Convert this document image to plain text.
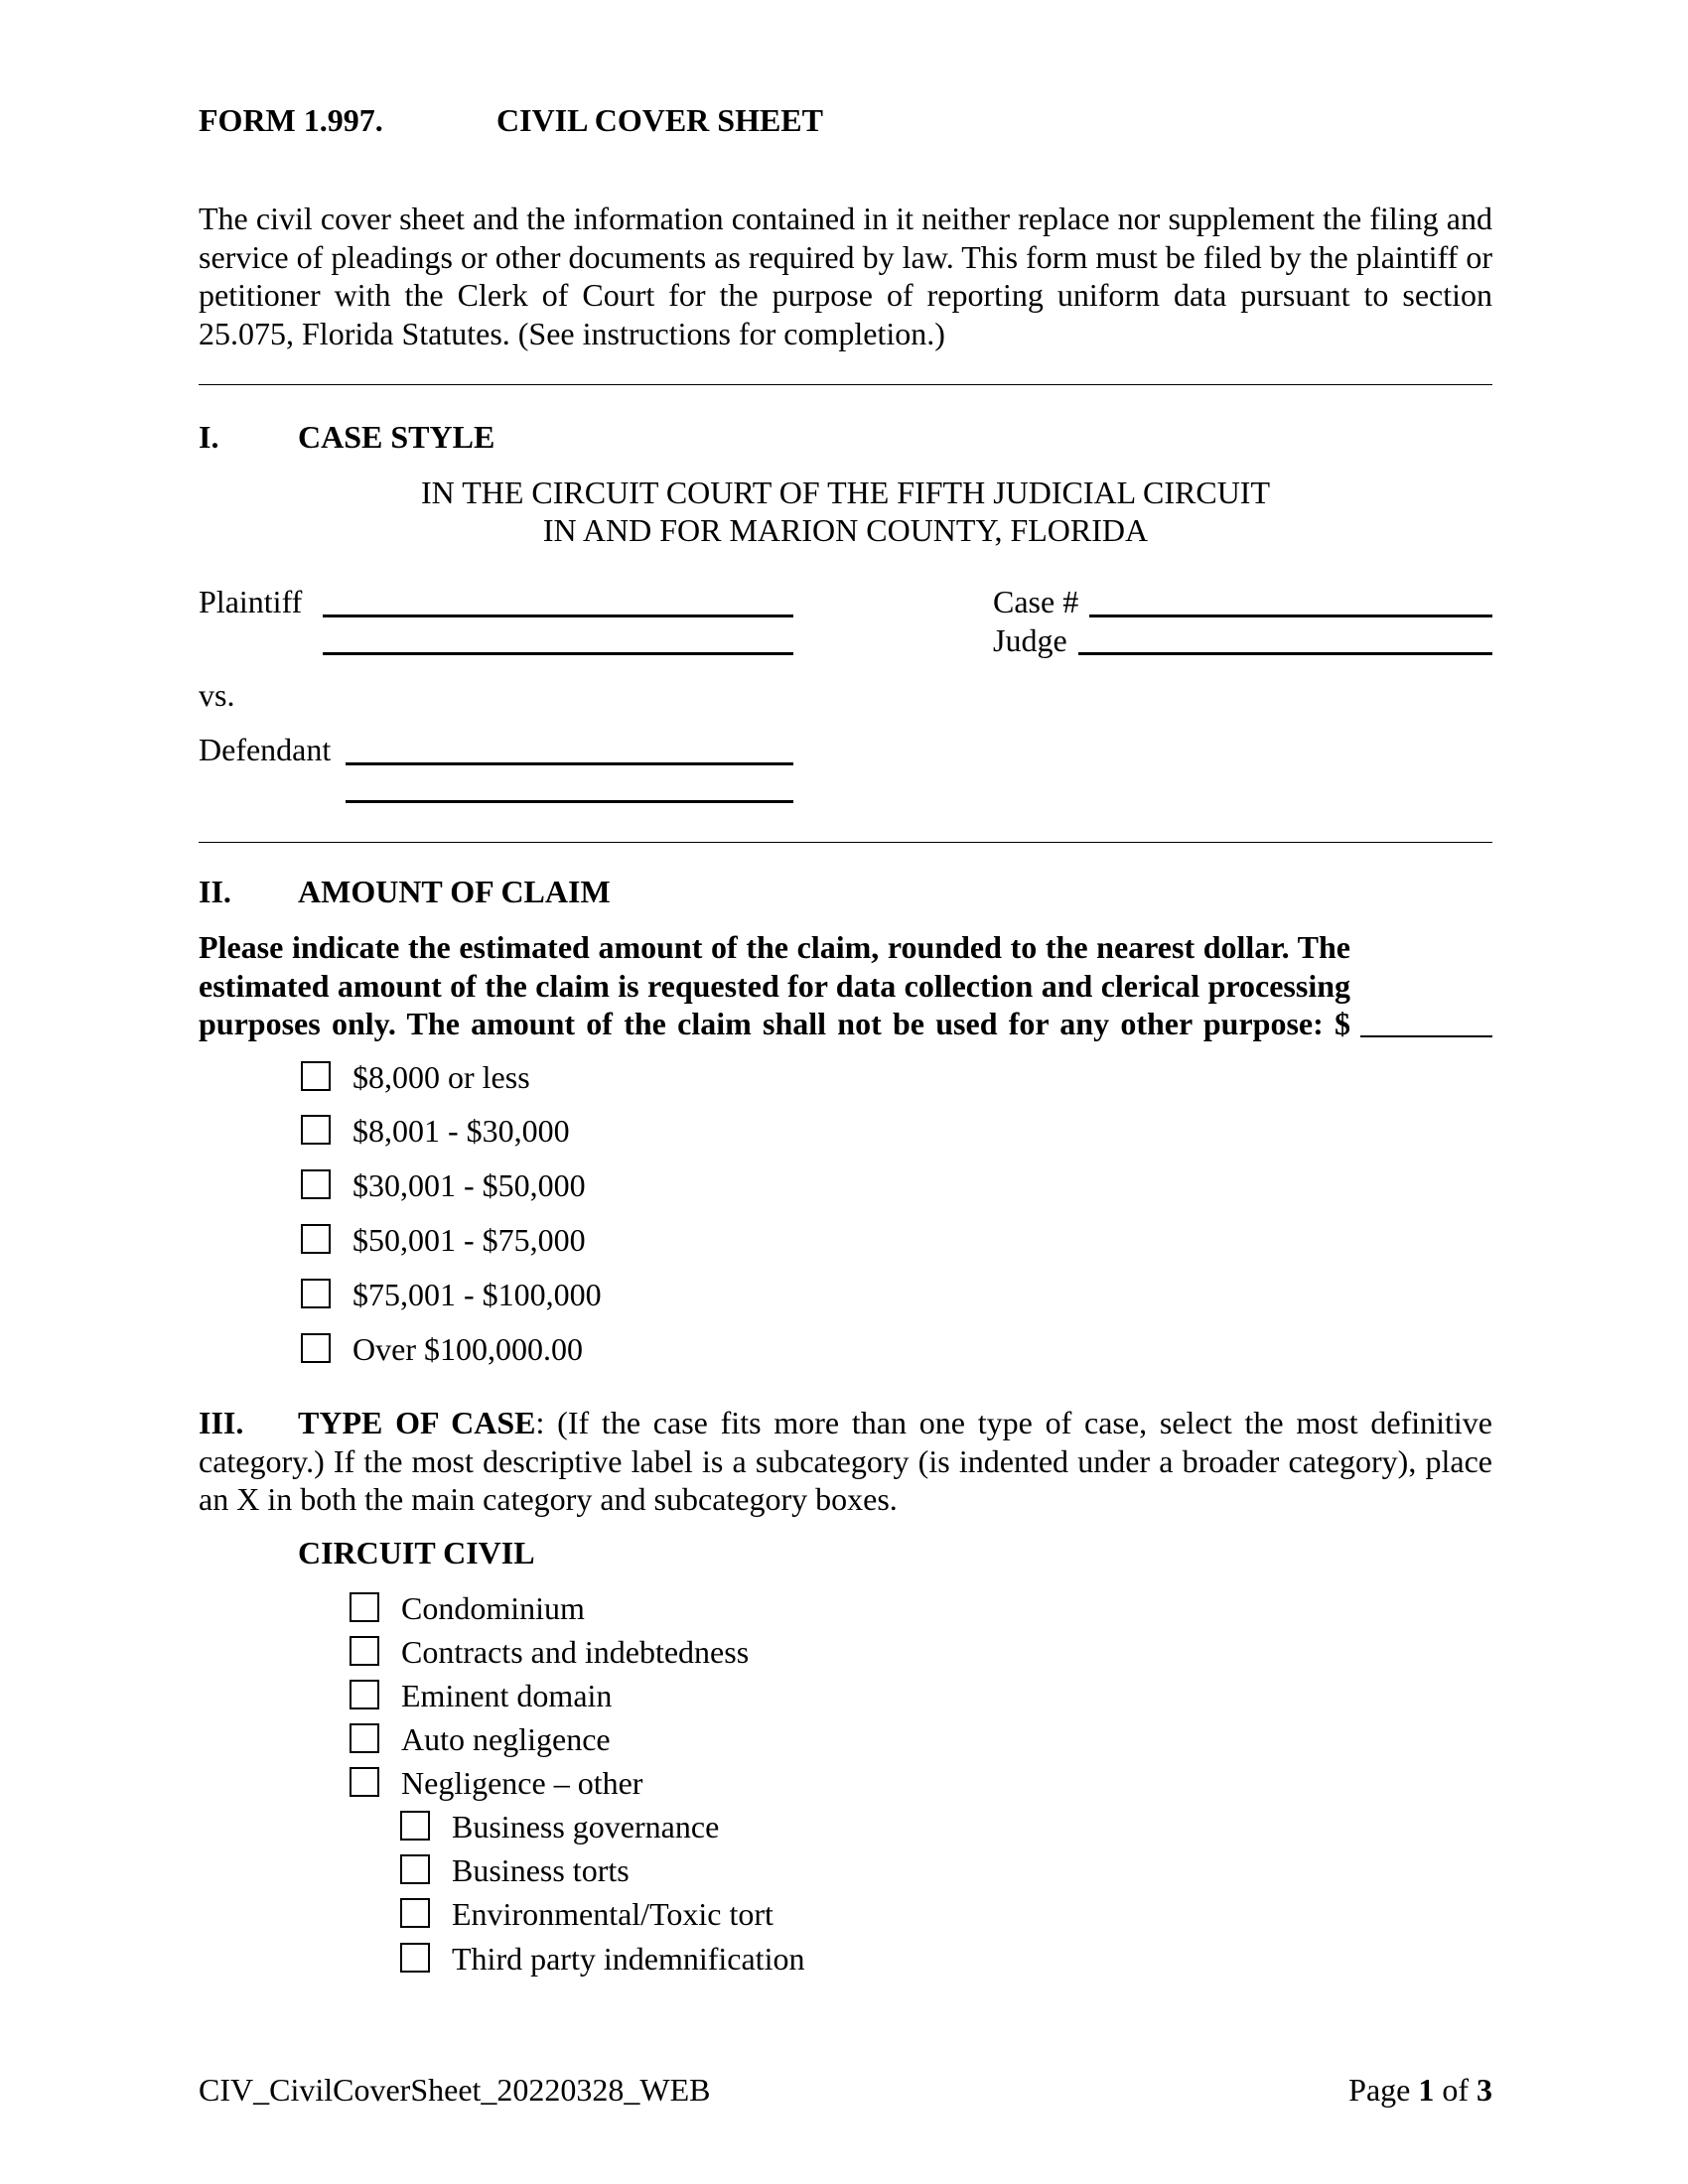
FORM 1.997.	CIVIL COVER SHEET
The civil cover sheet and the information contained in it neither replace nor supplement the filing and service of pleadings or other documents as required by law. This form must be filed by the plaintiff or petitioner with the Clerk of Court for the purpose of reporting uniform data pursuant to section 25.075, Florida Statutes. (See instructions for completion.)
I. CASE STYLE
IN THE CIRCUIT COURT OF THE FIFTH JUDICIAL CIRCUIT
IN AND FOR MARION COUNTY, FLORIDA
Plaintiff	Case #
Judge
vs.
Defendant
II. AMOUNT OF CLAIM
Please indicate the estimated amount of the claim, rounded to the nearest dollar. The estimated amount of the claim is requested for data collection and clerical processing purposes only. The amount of the claim shall not be used for any other purpose: $
$8,000 or less
$8,001 - $30,000
$30,001 - $50,000
$50,001 - $75,000
$75,001 - $100,000
Over $100,000.00
III. TYPE OF CASE: (If the case fits more than one type of case, select the most definitive category.) If the most descriptive label is a subcategory (is indented under a broader category), place an X in both the main category and subcategory boxes.
CIRCUIT CIVIL
Condominium
Contracts and indebtedness
Eminent domain
Auto negligence
Negligence – other
Business governance
Business torts
Environmental/Toxic tort
Third party indemnification
CIV_CivilCoverSheet_20220328_WEB	Page 1 of 3
